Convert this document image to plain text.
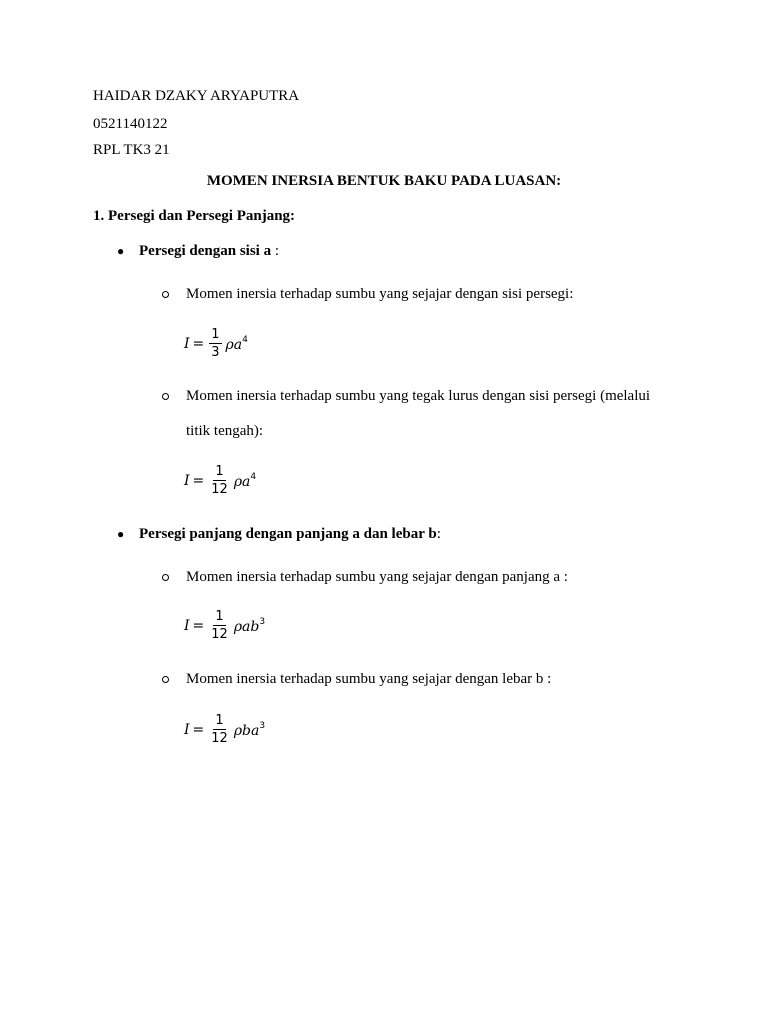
HAIDAR DZAKY ARYAPUTRA
0521140122
RPL TK3 21
MOMEN INERSIA BENTUK BAKU PADA LUASAN:
1. Persegi dan Persegi Panjang:
● Persegi dengan sisi a :
Momen inersia terhadap sumbu yang sejajar dengan sisi persegi:
$I = \frac{1}{3} \rho a^4$
Momen inersia terhadap sumbu yang tegak lurus dengan sisi persegi (melalui
titik tengah):
$I = \frac{1}{12} \rho a^4$
● Persegi panjang dengan panjang a dan lebar b:
Momen inersia terhadap sumbu yang sejajar dengan panjang a :
$I = \frac{1}{12} \rho ab^3$
Momen inersia terhadap sumbu yang sejajar dengan lebar b :
$I = \frac{1}{12} \rho ba^3$
